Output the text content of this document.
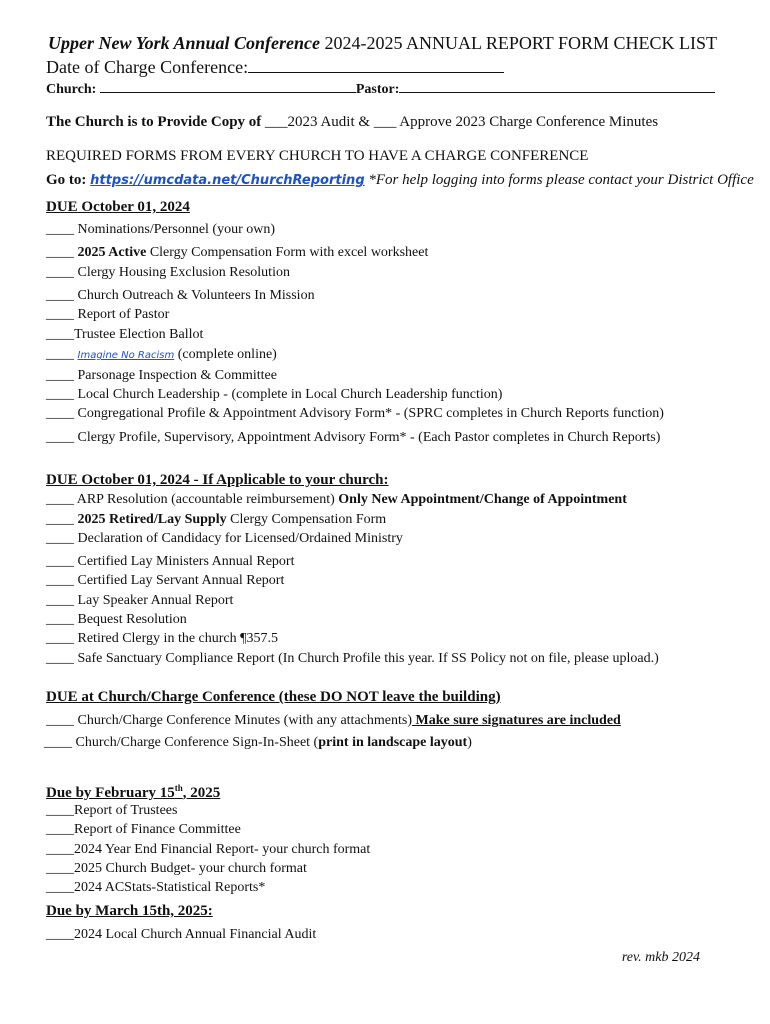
Upper New York Annual Conference 2024-2025 ANNUAL REPORT FORM CHECK LIST
Date of Charge Conference:
Church:	Pastor:
The Church is to Provide Copy of ___2023 Audit & ___ Approve 2023 Charge Conference Minutes
REQUIRED FORMS FROM EVERY CHURCH TO HAVE A CHARGE CONFERENCE
Go to: https://umcdata.net/ChurchReporting *For help logging into forms please contact your District Office
DUE October 01, 2024
____ Nominations/Personnel (your own)
____ 2025 Active Clergy Compensation Form with excel worksheet
____ Clergy Housing Exclusion Resolution
____ Church Outreach & Volunteers In Mission
____ Report of Pastor
____Trustee Election Ballot
____ Imagine No Racism (complete online)
____ Parsonage Inspection & Committee
____ Local Church Leadership - (complete in Local Church Leadership function)
____ Congregational Profile & Appointment Advisory Form* - (SPRC completes in Church Reports function)
____ Clergy Profile, Supervisory, Appointment Advisory Form* - (Each Pastor completes in Church Reports)
DUE October 01, 2024 - If Applicable to your church:
____ ARP Resolution (accountable reimbursement) Only New Appointment/Change of Appointment
____ 2025 Retired/Lay Supply Clergy Compensation Form
____ Declaration of Candidacy for Licensed/Ordained Ministry
____ Certified Lay Ministers Annual Report
____ Certified Lay Servant Annual Report
____ Lay Speaker Annual Report
____ Bequest Resolution
____ Retired Clergy in the church ¶357.5
____ Safe Sanctuary Compliance Report (In Church Profile this year. If SS Policy not on file, please upload.)
DUE at Church/Charge Conference (these DO NOT leave the building)
____ Church/Charge Conference Minutes (with any attachments) Make sure signatures are included
____ Church/Charge Conference Sign-In-Sheet (print in landscape layout)
Due by February 15th, 2025
____Report of Trustees
____Report of Finance Committee
____2024 Year End Financial Report- your church format
____2025 Church Budget- your church format
____2024 ACStats-Statistical Reports*
Due by March 15th, 2025:
____2024 Local Church Annual Financial Audit
rev. mkb 2024
